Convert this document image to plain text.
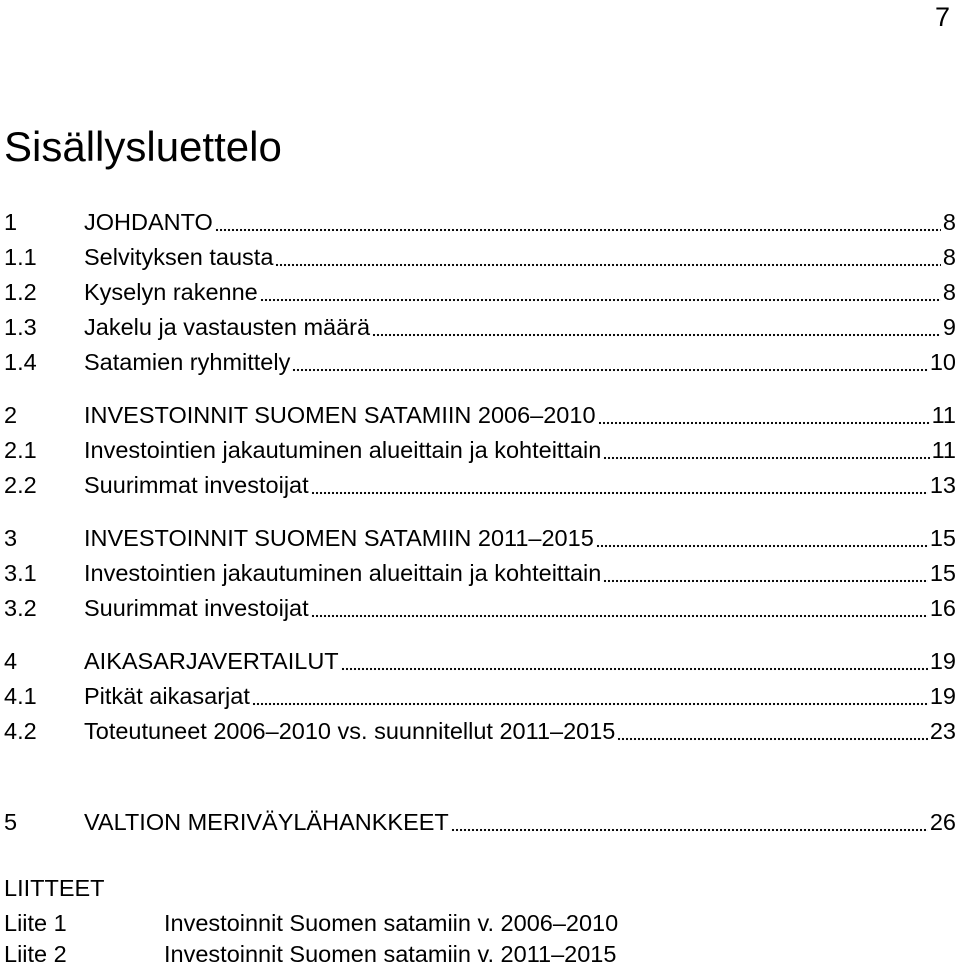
7
Sisällysluettelo
1	JOHDANTO	8
1.1	Selvityksen tausta	8
1.2	Kyselyn rakenne	8
1.3	Jakelu ja vastausten määrä	9
1.4	Satamien ryhmittely	10
2	INVESTOINNIT SUOMEN SATAMIIN 2006–2010	11
2.1	Investointien jakautuminen alueittain ja kohteittain	11
2.2	Suurimmat investoijat	13
3	INVESTOINNIT SUOMEN SATAMIIN 2011–2015	15
3.1	Investointien jakautuminen alueittain ja kohteittain	15
3.2	Suurimmat investoijat	16
4	AIKASARJAVERTAILUT	19
4.1	Pitkät aikasarjat	19
4.2	Toteutuneet 2006–2010 vs. suunnitellut 2011–2015	23
5	VALTION MERIVÄYLÄHANKKEET	26
LIITTEET
Liite 1	Investoinnit Suomen satamiin v. 2006–2010
Liite 2	Investoinnit Suomen satamiin v. 2011–2015
